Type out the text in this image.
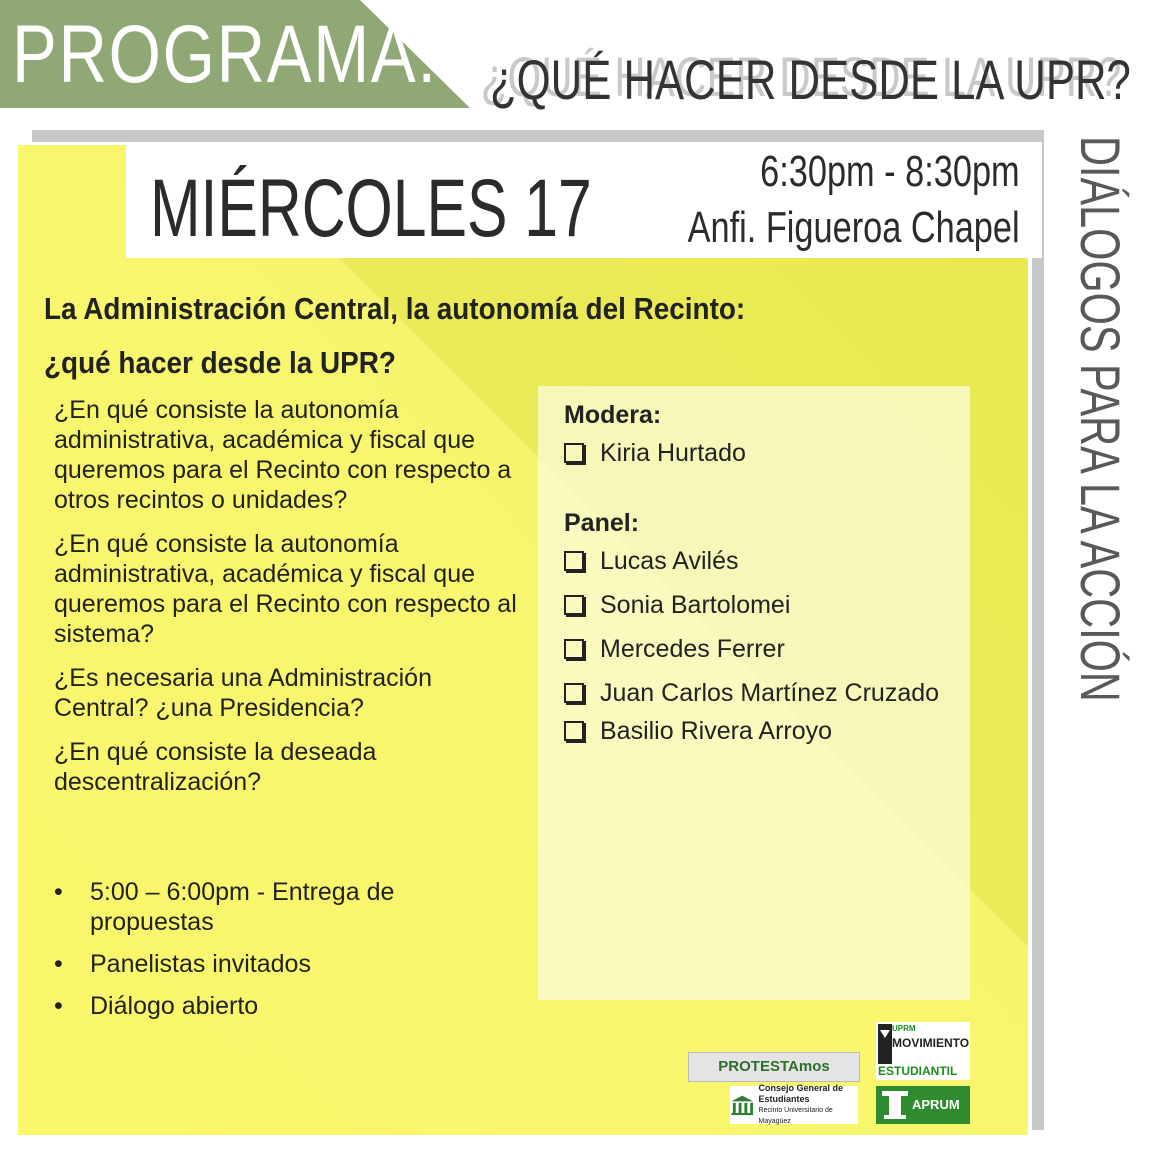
PROGRAMA: ¿QUÉ HACER DESDE LA UPR?
MIÉRCOLES 17	6:30pm - 8:30pm
Anfi. Figueroa Chapel DIÁLOGOS PARA LA ACCIÓN
La Administración Central, la autonomía del Recinto:
¿qué hacer desde la UPR?

¿En qué consiste la autonomía administrativa, académica y fiscal que queremos para el Recinto con respecto a otros recintos o unidades?

¿En qué consiste la autonomía administrativa, académica y fiscal que queremos para el Recinto con respecto al sistema?

¿Es necesaria una Administración Central? ¿una Presidencia?

¿En qué consiste la deseada descentralización?

•	5:00 – 6:00pm - Entrega de propuestas
•	Panelistas invitados
•	Diálogo abierto
Modera:
Kiria Hurtado
Panel:
Lucas Avilés
Sonia Bartolomei
Mercedes Ferrer
Juan Carlos Martínez Cruzado
Basilio Rivera Arroyo
PROTESTAmos
Consejo General de Estudiantes
Recinto Universitario de Mayagüez
UPRM
MOVIMIENTO
ESTUDIANTIL
APRUM
